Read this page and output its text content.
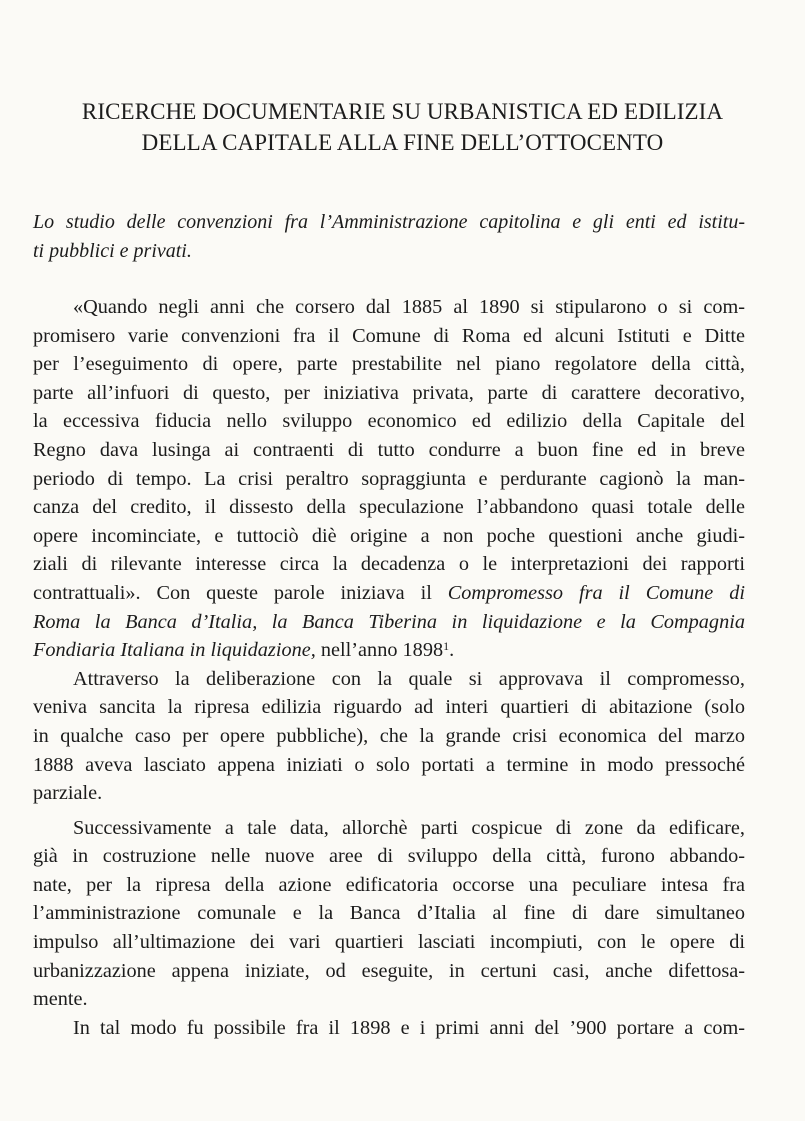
RICERCHE DOCUMENTARIE SU URBANISTICA ED EDILIZIA
DELLA CAPITALE ALLA FINE DELL’OTTOCENTO

Lo studio delle convenzioni fra l’Amministrazione capitolina e gli enti ed istitu-
ti pubblici e privati.

«Quando negli anni che corsero dal 1885 al 1890 si stipularono o si com-
promisero varie convenzioni fra il Comune di Roma ed alcuni Istituti e Ditte
per l’eseguimento di opere, parte prestabilite nel piano regolatore della città,
parte all’infuori di questo, per iniziativa privata, parte di carattere decorativo,
la eccessiva fiducia nello sviluppo economico ed edilizio della Capitale del
Regno dava lusinga ai contraenti di tutto condurre a buon fine ed in breve
periodo di tempo. La crisi peraltro sopraggiunta e perdurante cagionò la man-
canza del credito, il dissesto della speculazione l’abbandono quasi totale delle
opere incominciate, e tuttociò diè origine a non poche questioni anche giudi-
ziali di rilevante interesse circa la decadenza o le interpretazioni dei rapporti
contrattuali». Con queste parole iniziava il Compromesso fra il Comune di
Roma la Banca d’Italia, la Banca Tiberina in liquidazione e la Compagnia
Fondiaria Italiana in liquidazione, nell’anno 1898$^1$.
Attraverso la deliberazione con la quale si approvava il compromesso,
veniva sancita la ripresa edilizia riguardo ad interi quartieri di abitazione (solo
in qualche caso per opere pubbliche), che la grande crisi economica del marzo
1888 aveva lasciato appena iniziati o solo portati a termine in modo pressoché
parziale.
Successivamente a tale data, allorchè parti cospicue di zone da edificare,
già in costruzione nelle nuove aree di sviluppo della città, furono abbando-
nate, per la ripresa della azione edificatoria occorse una peculiare intesa fra
l’amministrazione comunale e la Banca d’Italia al fine di dare simultaneo
impulso all’ultimazione dei vari quartieri lasciati incompiuti, con le opere di
urbanizzazione appena iniziate, od eseguite, in certuni casi, anche difettosa-
mente.
In tal modo fu possibile fra il 1898 e i primi anni del ’900 portare a com-
